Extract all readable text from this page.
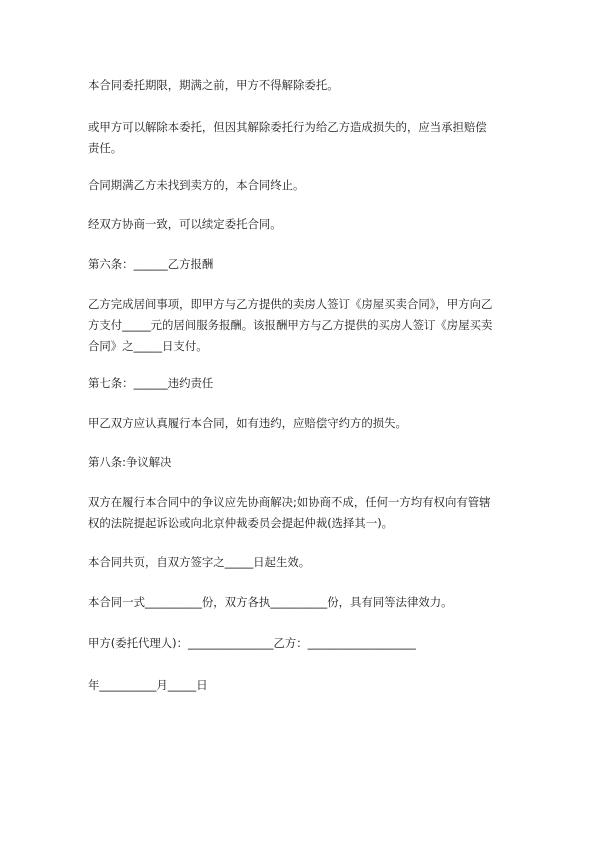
本合同委托期限，期满之前，甲方不得解除委托。

或甲方可以解除本委托，但因其解除委托行为给乙方造成损失的，应当承担赔偿责任。

合同期满乙方未找到卖方的，本合同终止。

经双方协商一致，可以续定委托合同。

第六条：______乙方报酬

乙方完成居间事项，即甲方与乙方提供的卖房人签订《房屋买卖合同》，甲方向乙方支付_____元的居间服务报酬。该报酬甲方与乙方提供的买房人签订《房屋买卖合同》之_____日支付。

第七条：______违约责任

甲乙双方应认真履行本合同，如有违约，应赔偿守约方的损失。

第八条:争议解决

双方在履行本合同中的争议应先协商解决;如协商不成，任何一方均有权向有管辖权的法院提起诉讼或向北京仲裁委员会提起仲裁(选择其一)。

本合同共页，自双方签字之_____日起生效。

本合同一式__________份，双方各执__________份，具有同等法律效力。

甲方(委托代理人)：_______________乙方：___________________

年__________月_____日
